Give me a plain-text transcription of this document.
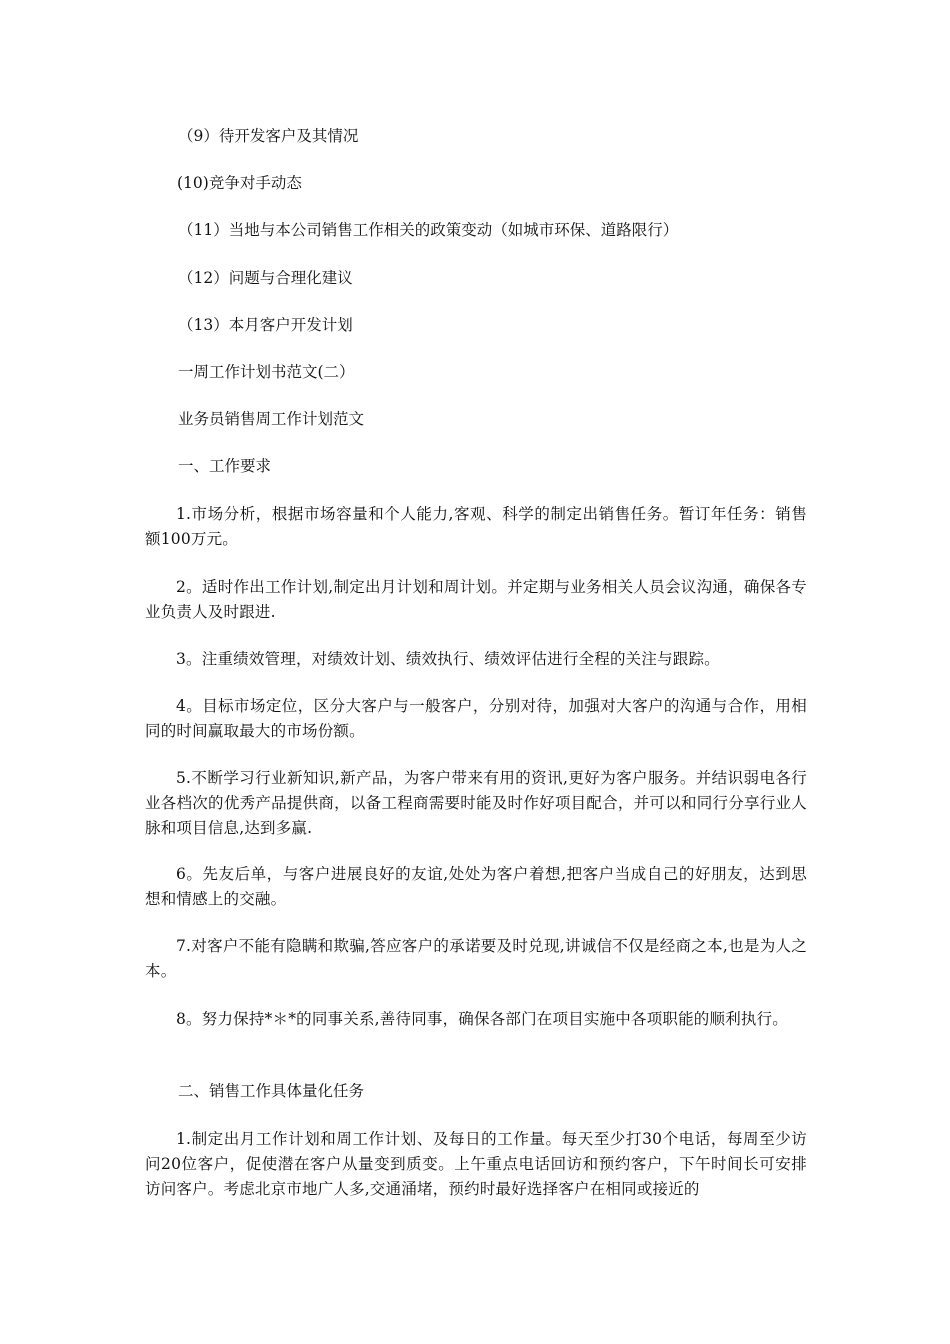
（9）待开发客户及其情况

(10)竞争对手动态

（11）当地与本公司销售工作相关的政策变动（如城市环保、道路限行）

（12）问题与合理化建议

（13）本月客户开发计划

一周工作计划书范文(二）

业务员销售周工作计划范文

一、工作要求

1.市场分析，根据市场容量和个人能力,客观、科学的制定出销售任务。暂订年任务：销售额100万元。

2。适时作出工作计划,制定出月计划和周计划。并定期与业务相关人员会议沟通，确保各专业负责人及时跟进.

3。注重绩效管理，对绩效计划、绩效执行、绩效评估进行全程的关注与跟踪。

4。目标市场定位，区分大客户与一般客户，分别对待，加强对大客户的沟通与合作，用相同的时间赢取最大的市场份额。

5.不断学习行业新知识,新产品，为客户带来有用的资讯,更好为客户服务。并结识弱电各行业各档次的优秀产品提供商，以备工程商需要时能及时作好项目配合，并可以和同行分享行业人脉和项目信息,达到多赢.

6。先友后单，与客户进展良好的友谊,处处为客户着想,把客户当成自己的好朋友，达到思想和情感上的交融。

7.对客户不能有隐瞒和欺骗,答应客户的承诺要及时兑现,讲诚信不仅是经商之本,也是为人之本。

8。努力保持*＊*的同事关系,善待同事，确保各部门在项目实施中各项职能的顺利执行。

二、销售工作具体量化任务

1.制定出月工作计划和周工作计划、及每日的工作量。每天至少打30个电话，每周至少访问20位客户，促使潜在客户从量变到质变。上午重点电话回访和预约客户，下午时间长可安排访问客户。考虑北京市地广人多,交通涌堵，预约时最好选择客户在相同或接近的
